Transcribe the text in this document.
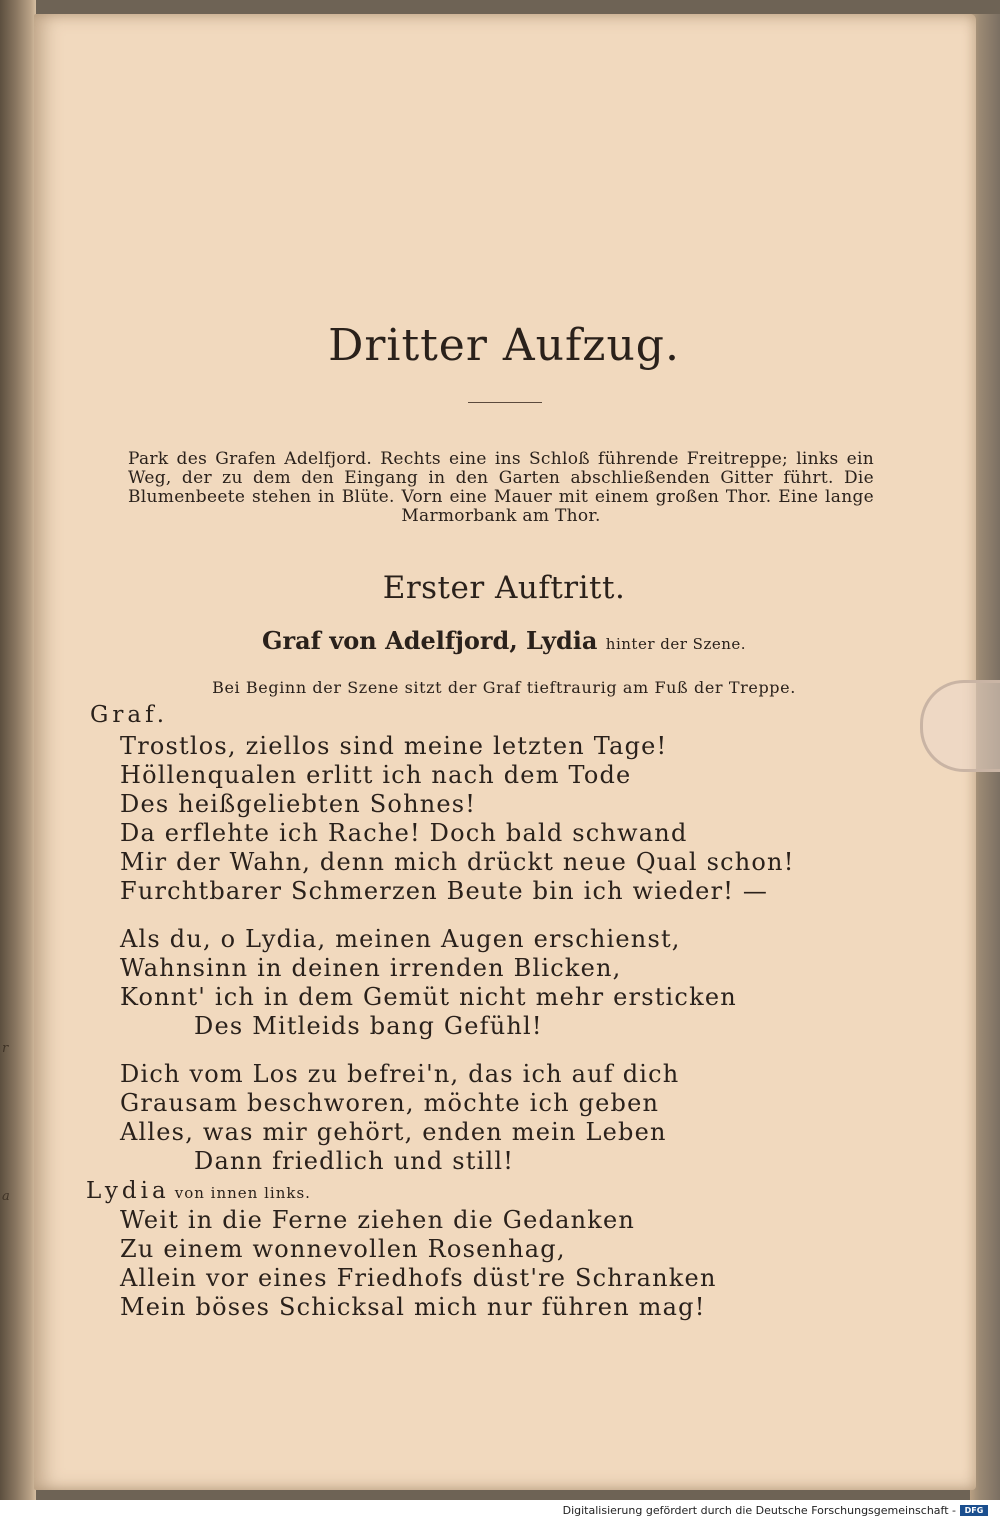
r
a
Dritter Aufzug.
Park des Grafen Adelfjord. Rechts eine ins Schloß führende Freitreppe; links ein Weg, der zu dem den Eingang in den Garten abschließenden Gitter führt. Die Blumenbeete stehen in Blüte. Vorn eine Mauer mit einem großen Thor. Eine lange Marmorbank am Thor.
Erster Auftritt.
Graf von Adelfjord, Lydia hinter der Szene.
Bei Beginn der Szene sitzt der Graf tieftraurig am Fuß der Treppe.
Graf.
Trostlos, ziellos sind meine letzten Tage!
Höllenqualen erlitt ich nach dem Tode
Des heißgeliebten Sohnes!
Da erflehte ich Rache! Doch bald schwand
Mir der Wahn, denn mich drückt neue Qual schon!
Furchtbarer Schmerzen Beute bin ich wieder! —
Als du, o Lydia, meinen Augen erschienst,
Wahnsinn in deinen irrenden Blicken,
Konnt' ich in dem Gemüt nicht mehr ersticken
Des Mitleids bang Gefühl!
Dich vom Los zu befrei'n, das ich auf dich
Grausam beschworen, möchte ich geben
Alles, was mir gehört, enden mein Leben
Dann friedlich und still!
Lydia von innen links.
Weit in die Ferne ziehen die Gedanken
Zu einem wonnevollen Rosenhag,
Allein vor eines Friedhofs düst're Schranken
Mein böses Schicksal mich nur führen mag!
Digitalisierung gefördert durch die Deutsche Forschungsgemeinschaft -	DFG
